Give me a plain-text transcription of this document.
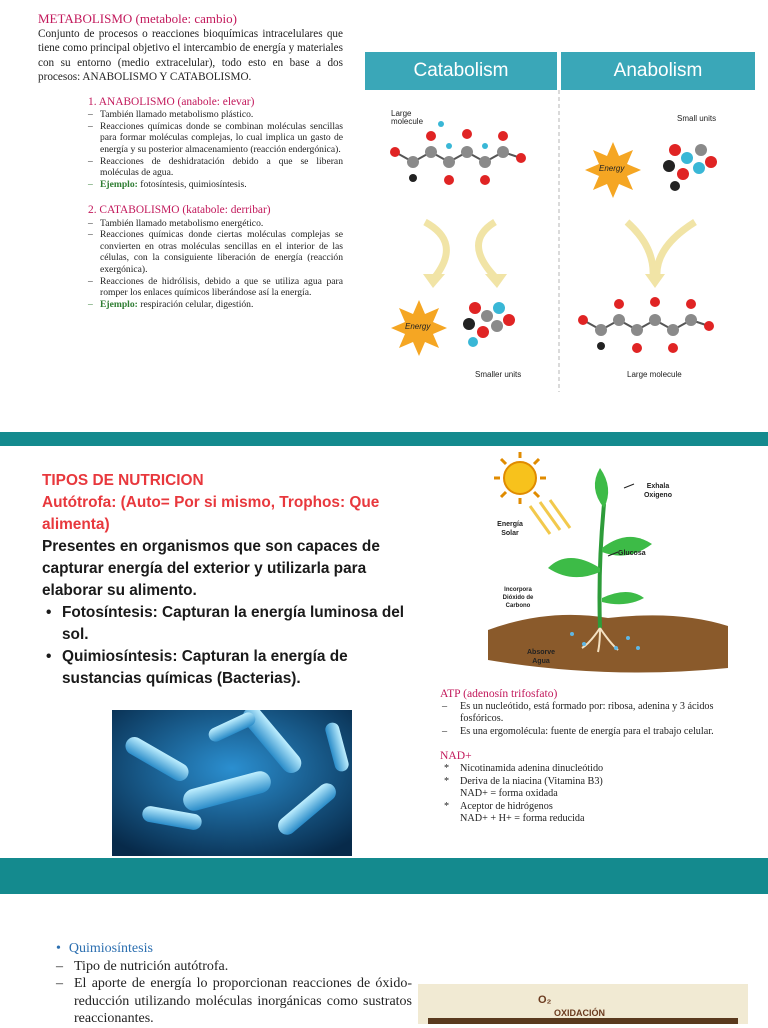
METABOLISMO (metabole: cambio)

Conjunto de procesos o reacciones bioquímicas intracelulares que tiene como principal objetivo el intercambio de energía y materiales con su entorno (medio extracelular), todo esto en base a dos procesos: ANABOLISMO Y CATABOLISMO.

1. ANABOLISMO (anabole: elevar)
– También llamado metabolismo plástico.
– Reacciones químicas donde se combinan moléculas sencillas para formar moléculas complejas, lo cual implica un gasto de energía y su posterior almacenamiento (reacción endergónica).
– Reacciones de deshidratación debido a que se liberan moléculas de agua.
– Ejemplo: fotosíntesis, quimiosíntesis.
2. CATABOLISMO (katabole: derribar)
– También llamado metabolismo energético.
– Reacciones químicas donde ciertas moléculas complejas se convierten en otras moléculas sencillas en el interior de las células, con la consiguiente liberación de energía (reacción exergónica).
– Reacciones de hidrólisis, debido a que se utiliza agua para romper los enlaces químicos liberándose así la energía.
– Ejemplo: respiración celular, digestión.
Catabolism	Anabolism
Large molecule	Small units
Energy
Energy
Smaller units	Large molecule
TIPOS DE NUTRICION
Autótrofa: (Auto= Por si mismo, Trophos: Que alimenta)
Presentes en organismos que son capaces de capturar energía del exterior y utilizarla para elaborar su alimento.
• Fotosíntesis: Capturan la energía luminosa del sol.
• Quimiosíntesis: Capturan la energía de sustancias químicas (Bacterias).
Exhala Oxigeno
Energía Solar
Glucosa
Incorpora Dióxido de Carbono
Absorve Agua
ATP (adenosín trifosfato)
– Es un nucleótido, está formado por: ribosa, adenina y 3 ácidos fosfóricos.
– Es una ergomolécula: fuente de energía para el trabajo celular.
NAD+
* Nicotinamida adenina dinucleótido
* Deriva de la niacina (Vitamina B3)
NAD+ = forma oxidada
* Aceptor de hidrógenos
NAD+ + H+ = forma reducida
• Quimiosíntesis
– Tipo de nutrición autótrofa.
– El aporte de energía lo proporcionan reacciones de óxido-reducción utilizando moléculas inorgánicas como sustratos reaccionantes.
O₂
OXIDACIÓN
